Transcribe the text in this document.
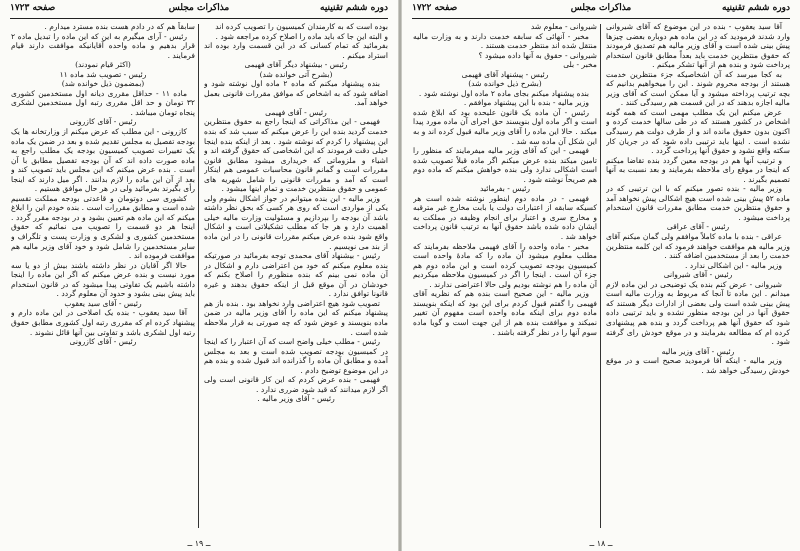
دوره ششم تقنینیه
مذاکرات مجلس
صفحه ۱۷۲۳

بوده است که به کارمندان کمیسیون را تصویب کرده اند

و البته این جا که باید ماده را اصلاح کرده مراجعه شود .

بفرمائید که تمام کسانی که در این قسمت وارد بوده اند استراد میکنم .

رئیس - بیشنهاد دیگر آقای فهیمی

(بشرح آتی خوانده شد)

بنده پیشنهاد میکنم که ماده ۲ ماده اول نوشته شود و اضافه شود که به اشخاص که موافق مقررات قانونی بعمل خواهد آمد.

رئیس - آقای فهیمی

فهیمی - این مذاکراتی که اینجا راجع به حقوق منتظرین خدمت گردید بنده این را عرض میکنم که سبب شد که بنده این پیشنهاد را کردم که نوشته شود . بعد از اینکه بنده اینجا خیلی دقت فرمودند که این اشخاصی که حقوق گرفته اند و اشیاء و ملزوماتی که خریداری میشود مطابق قانون مقررات است و گمانم قانون محاسبات عمومی هم اینکار است که آمد و مقررات قانونی را شامل شهریه های عمومی و حقوق منتظرین خدمت و تمام اینها میشود .

وزیر مالیه - این بنده میتوانم در جواز اشکال بشوم ولی یکی از مواردی است که روی هر کسی که بحق نظر داشته باشد آن بودجه را بپردازیم و مسئولیت وزارت مالیه خیلی اهمیت دارد و هر جا که مطلب تشکیلاتی است و اشکال واقع شود بنده عرض میکنم مقررات قانونی را در این ماده از بند می نویسیم .

رئیس - بیشنهاد آقای محمدی توجه بفرمائید در صورتیکه بنده معلوم میکنم که خود من اعتراضی دارم و اشکال در آن ماده نمی بینم که بنده منظورم را اصلاح بکنم که خودشان در آن موقع قبل از اینکه حقوق بدهند و غیره قانونا توافق ندارد .

تصویب شود هیچ اعتراضی وارد نخواهد بود . بنده باز هم پیشنهاد میکنم که این ماده را آقای وزیر مالیه در ضمن ماده بنویسند و عوض شود که چه صورتی به قرار ملاحظه شده است .

رئیس - مطلب خیلی واضح است که آن اعتبار را که اینجا در کمیسیون بودجه تصویب شده است و بعد به مجلس آمده و مطابق آن ماده را گذرانده اند قبول شده و بنده هم در این موضوع توضیح دادم .

فهیمی - بنده عرض کردم که این کار قانونی است ولی اگر لازم میدانند که قید شود ضرری ندارد .

رئیس - آقای وزیر مالیه .

سابقاً هم که در دادم هست بنده مسترد میدارم .

رئیس - آرای میگیرم به این که این ماده را تبدیل ماده ۲ قرار بدهیم و ماده واحده آقایانیکه موافقت دارند قیام فرمایند .

(اکثر قیام نمودند)

رئیس - تصویب شد ماده ۱۱

(بمضمون ذیل خوانده شد)

ماده ۱۱ - حداقل مقرری دیانه اول مستخدمین کشوری ۳۲ تومان و حد اقل مقرری رتبه اول مستخدمین لشکری پنجاه تومان میباشد .

رئیس - آقای کازرونی

کازرونی - این مطلب که عرض میکنم از وزارتخانه ها یک بودجه تفصیل به مجلس تقدیم شده و بعد در ضمن یک ماده یک تغییرات تصویب کمیسیون بودجه یک مطلب راجع به ماده صورت داده اند که آن بودجه تفصیل مطابق با آن است . بنده عرض میکنم که این مجلس باید تصویب کند و بعد از آن این ماده را لازم بدانند . اگر میل دارند که اینجا رأی بگیرند بفرمائید ولی در هر حال موافق هستیم .

کشوری سی دوتومان و قاعدتی بودجه مملکت تقسیم شده است و مطابق مقررات است . بنده خودم این را ابلاغ میکنم که این ماده هم تعیین بشود و در بودجه مقرر گردد . اینجا هر دو قسمت را تصویب می نمائیم که حقوق مستخدمین کشوری و لشکری و وزارت پست و تلگراف و سایر مستخدمین را شامل شود و خود آقای وزیر مالیه هم موافقت فرموده اند .

حالا اگر آقایان در نظر داشته باشند بیش از دو یا سه مورد نیست و بنده عرض میکنم که اگر این ماده را اینجا داشته باشیم یک تفاوتی پیدا میشود که در قانون استخدام باید پیش بینی بشود و حدود آن معلوم گردد .

رئیس - آقای سید یعقوب

آقا سید یعقوب - بنده یک اصلاحی در این ماده دارم و پیشنهاد کرده ام که مقرری رتبه اول کشوری مطابق حقوق رتبه اول لشکری باشد و تفاوتی بین آنها قائل نشوند .

رئیس - آقای کازرونی

ــ ۱۹ ــ
دوره ششم تقنینیه
مذاکرات مجلس
صفحه ۱۷۲۲

آقا سید یعقوب - بنده در این موضوع که آقای شیروانی وارد شدند فرمودید که در این ماده هم دوباره بعضی چیزها پیش بینی شده است و آقای وزیر مالیه هم تصدیق فرمودند که حقوق منتظرین خدمت باید بعداً مطابق قانون استخدام پرداخت شود و بنده هم از آنها تشکر میکنم .

به کجا میرسد که آن اشخاصیکه جزء منتظرین خدمت هستند از بودجه محروم شوند . این را میخواهیم بدانیم که بچه ترتیب پرداخته میشود و آیا ممکن است که آقای وزیر مالیه اجازه بدهند که در این قسمت هم رسیدگی کنند .

عرض میکنم این یک مطلب مهمی است که همه گونه اشخاص در کشور هستند که در طی سالها خدمت کرده و اکنون بدون حقوق مانده اند و از طرف دولت هم رسیدگی نشده است . اینها باید ترتیبی داده شود که در جریان کار سکته واقع نشود و حقوق آنها پرداخت گردد .

و ترتیب آنها هم در بودجه معین گردد بنده تقاضا میکنم که اینجا در موقع رای ملاحظه بفرمایند و بعد نسبت به آنها تصمیم بگیرند .

وزیر مالیه - بنده تصور میکنم که با این ترتیبی که در ماده ۵۲ پیش بینی شده است هیچ اشکالی پیش نخواهد آمد و حقوق منتظرین خدمت مطابق مقررات قانون استخدام پرداخت میشود .

رئیس - آقای عراقی

عراقی - بنده با ماده کاملاً موافقم ولی گمان میکنم آقای وزیر مالیه هم موافقت خواهند فرمود که این کلمه منتظرین خدمت را بعد از مستخدمین اضافه کنند .

وزیر مالیه - این اشکالی ندارد .

رئیس - آقای شیروانی

شیروانی - عرض کنم بنده یک توضیحی در این ماده لازم میدانم . این ماده تا آنجا که مربوط به وزارت مالیه است پیش بینی شده است ولی بعضی از ادارات دیگر هستند که حقوق آنها در این بودجه منظور نشده و باید ترتیبی داده شود که حقوق آنها هم پرداخت گردد و بنده هم پیشنهادی کرده ام که مطالعه بفرمایند و در موقع خودش رای گرفته شود .

رئیس - آقای وزیر مالیه

وزیر مالیه - اینکه آقا فرمودید صحیح است و در موقع خودش رسیدگی خواهد شد .

شیروانی - معلوم شد

مخبر - آنهائی که سابقه خدمت دارند و به وزارت مالیه منتقل شده اند منتظر خدمت هستند .

شیروانی - حقوق به آنها داده میشود ؟

مخبر - بلی

رئیس - پیشنهاد آقای فهیمی

(بشرح ذیل خوانده شد)

بنده پیشنهاد میکنم بجای ماده ۲ ماده اول نوشته شود .

وزیر مالیه - بنده با این پیشنهاد موافقم .

رئیس - آن ماده یک قانون علیحده بود که ابلاغ شده است و اگر ماده اول بنویسند حق اجرای آن ماده مورد پیدا میکند . حالا این ماده را آقای وزیر مالیه قبول کرده اند و به این شکل آن ماده سه شد .

فهیمی - این که آقای وزیر مالیه میفرمایند که منظور را تامین میکند بنده عرض میکنم اگر ماده قبلاً تصویب شده است اشکالی ندارد ولی بنده خواهش میکنم که ماده دوم هم صریحاً نوشته شود .

رئیس - بفرمائید

فهیمی - در ماده دوم اینطور نوشته شده است هر کسیکه سابقه از اعتبارات دولت یا بابت مخارج غیر مترقبه و مخارج سری و اعتبار برای انجام وظیفه در مملکت به ایشان داده شده باشد حقوق آنها به ترتیب قانون پرداخت خواهد شد .

مخبر - ماده واحده را آقای فهیمی ملاحظه بفرمایند که مطلب معلوم میشود آن ماده را که مادهٔ واحده است کمیسیون بودجه تصویب کرده است و این ماده دوم هم جزء آن است . اینجا را اگر در کمیسیون ملاحظه میکردیم آن ماده را هم نوشته بودیم ولی حالا اعتراضی ندارند .

وزیر مالیه - این صحیح است بنده هم که نظریه آقای فهیمی را گفتم قبول کردم برای این بود که اینکه بنویسند ماده دوم برای اینکه ماده واحده است مفهوم آن تغییر نمیکند و موافقت بنده هم از این جهت است و گویا ماده سوم آنها را در نظر گرفته باشند .

ــ ۱۸ ــ
